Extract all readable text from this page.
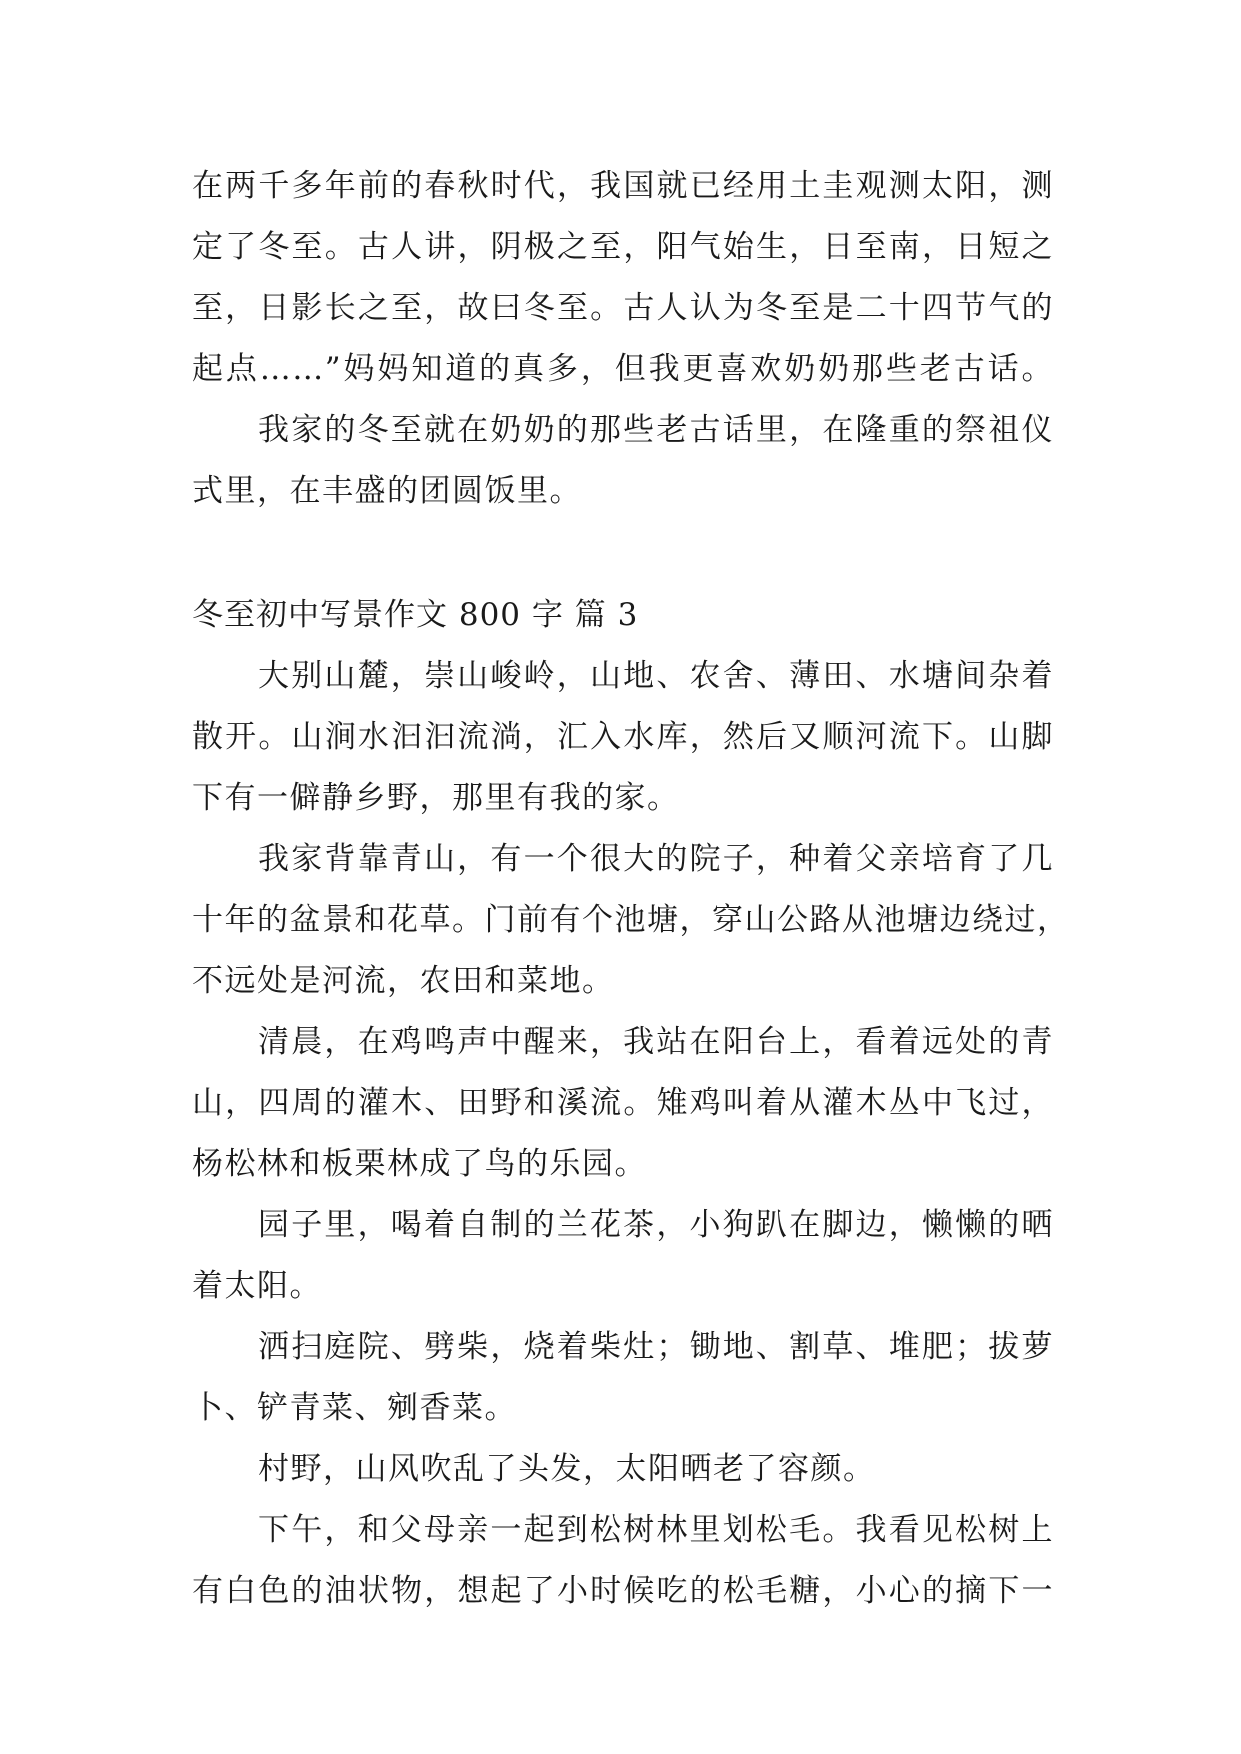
在两千多年前的春秋时代，我国就已经用土圭观测太阳，测
定了冬至。古人讲，阴极之至，阳气始生，日至南，日短之
至，日影长之至，故曰冬至。古人认为冬至是二十四节气的
起点……”妈妈知道的真多，但我更喜欢奶奶那些老古话。
我家的冬至就在奶奶的那些老古话里，在隆重的祭祖仪
式里，在丰盛的团圆饭里。
冬至初中写景作文 800 字 篇 3
大别山麓，崇山峻岭，山地、农舍、薄田、水塘间杂着
散开。山涧水汩汩流淌，汇入水库，然后又顺河流下。山脚
下有一僻静乡野，那里有我的家。
我家背靠青山，有一个很大的院子，种着父亲培育了几
十年的盆景和花草。门前有个池塘，穿山公路从池塘边绕过，
不远处是河流，农田和菜地。
清晨，在鸡鸣声中醒来，我站在阳台上，看着远处的青
山，四周的灌木、田野和溪流。雉鸡叫着从灌木丛中飞过，
杨松林和板栗林成了鸟的乐园。
园子里，喝着自制的兰花茶，小狗趴在脚边，懒懒的晒
着太阳。
洒扫庭院、劈柴，烧着柴灶；锄地、割草、堆肥；拔萝
卜、铲青菜、剜香菜。
村野，山风吹乱了头发，太阳晒老了容颜。
下午，和父母亲一起到松树林里划松毛。我看见松树上
有白色的油状物，想起了小时候吃的松毛糖，小心的摘下一
